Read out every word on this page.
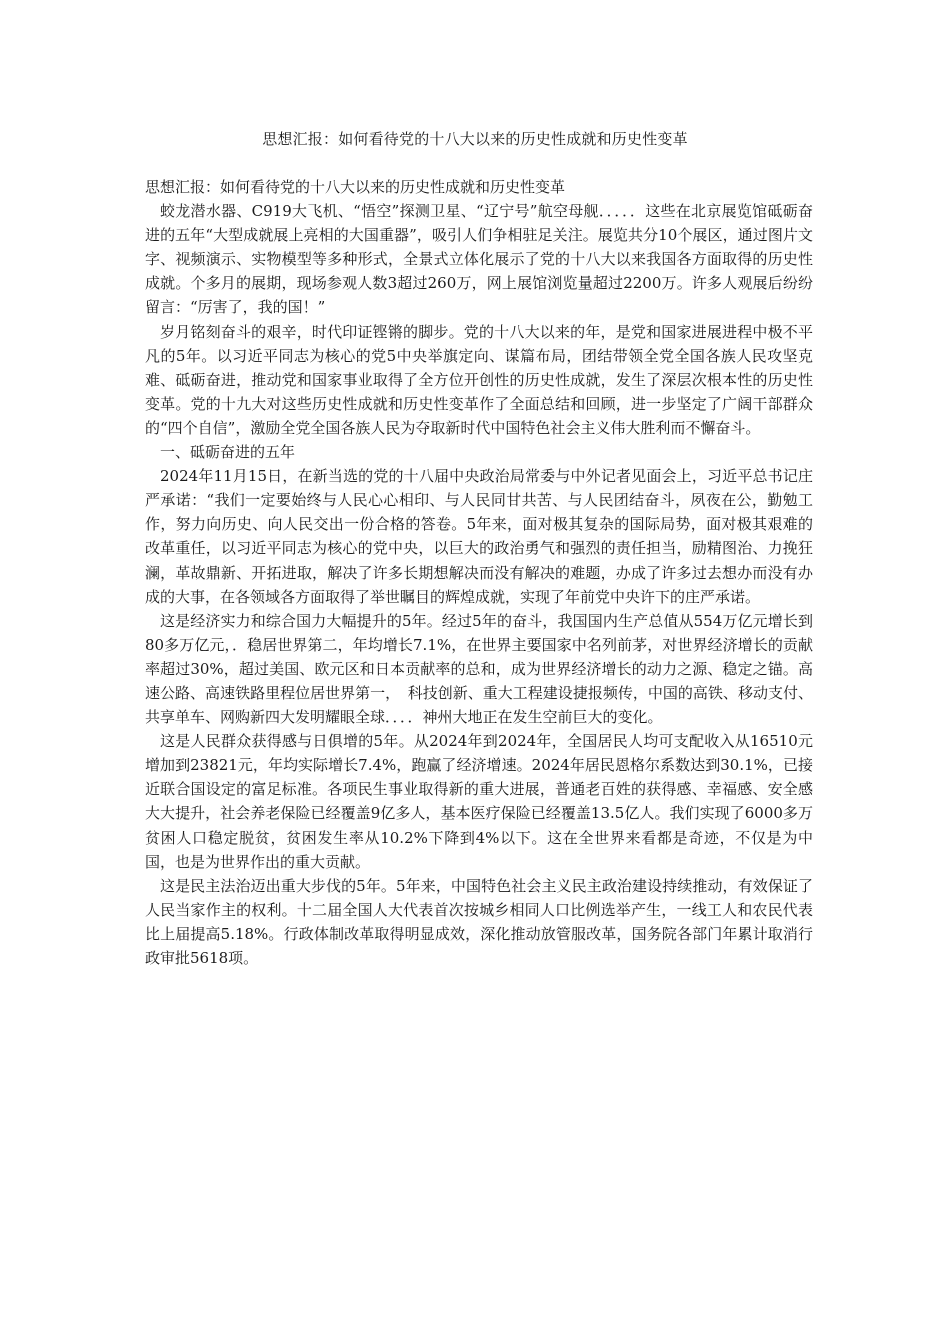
思想汇报：如何看待党的十八大以来的历史性成就和历史性变革

思想汇报：如何看待党的十八大以来的历史性成就和历史性变革

蛟龙潜水器、C919大飞机、“悟空”探测卫星、“辽宁号”航空母舰．．．．．这些在北京展览馆砥砺奋进的五年“大型成就展上亮相的大国重器”，吸引人们争相驻足关注。展览共分10个展区，通过图片文字、视频演示、实物模型等多种形式，全景式立体化展示了党的十八大以来我国各方面取得的历史性成就。个多月的展期，现场参观人数3超过260万，网上展馆浏览量超过2200万。许多人观展后纷纷留言：“厉害了，我的国！”

岁月铭刻奋斗的艰辛，时代印证铿锵的脚步。党的十八大以来的年，是党和国家进展进程中极不平凡的5年。以习近平同志为核心的党5中央举旗定向、谋篇布局，团结带领全党全国各族人民攻坚克难、砥砺奋进，推动党和国家事业取得了全方位开创性的历史性成就，发生了深层次根本性的历史性变革。党的十九大对这些历史性成就和历史性变革作了全面总结和回顾，进一步坚定了广阔干部群众的“四个自信”，激励全党全国各族人民为夺取新时代中国特色社会主义伟大胜利而不懈奋斗。

一、砥砺奋进的五年

2024年11月15日，在新当选的党的十八届中央政治局常委与中外记者见面会上，习近平总书记庄严承诺：“我们一定要始终与人民心心相印、与人民同甘共苦、与人民团结奋斗，夙夜在公，勤勉工作，努力向历史、向人民交出一份合格的答卷。5年来，面对极其复杂的国际局势，面对极其艰难的改革重任，以习近平同志为核心的党中央，以巨大的政治勇气和强烈的责任担当，励精图治、力挽狂澜，革故鼎新、开拓进取，解决了许多长期想解决而没有解决的难题，办成了许多过去想办而没有办成的大事，在各领域各方面取得了举世瞩目的辉煌成就，实现了年前党中央许下的庄严承诺。

这是经济实力和综合国力大幅提升的5年。经过5年的奋斗，我国国内生产总值从554万亿元增长到80多万亿元，．稳居世界第二，年均增长7.1%，在世界主要国家中名列前茅，对世界经济增长的贡献率超过30%，超过美国、欧元区和日本贡献率的总和，成为世界经济增长的动力之源、稳定之锚。高速公路、高速铁路里程位居世界第一，　科技创新、重大工程建设捷报频传，中国的高铁、移动支付、共享单车、网购新四大发明耀眼全球．．．．神州大地正在发生空前巨大的变化。

这是人民群众获得感与日俱增的5年。从2024年到2024年，全国居民人均可支配收入从16510元增加到23821元，年均实际增长7.4%，跑赢了经济增速。2024年居民恩格尔系数达到30.1%，已接近联合国设定的富足标准。各项民生事业取得新的重大进展，普通老百姓的获得感、幸福感、安全感大大提升，社会养老保险已经覆盖9亿多人，基本医疗保险已经覆盖13.5亿人。我们实现了6000多万贫困人口稳定脱贫，贫困发生率从10.2%下降到4%以下。这在全世界来看都是奇迹，不仅是为中国，也是为世界作出的重大贡献。

这是民主法治迈出重大步伐的5年。5年来，中国特色社会主义民主政治建设持续推动，有效保证了人民当家作主的权利。十二届全国人大代表首次按城乡相同人口比例选举产生，一线工人和农民代表比上届提高5.18%。行政体制改革取得明显成效，深化推动放管服改革，国务院各部门年累计取消行政审批5618项。
